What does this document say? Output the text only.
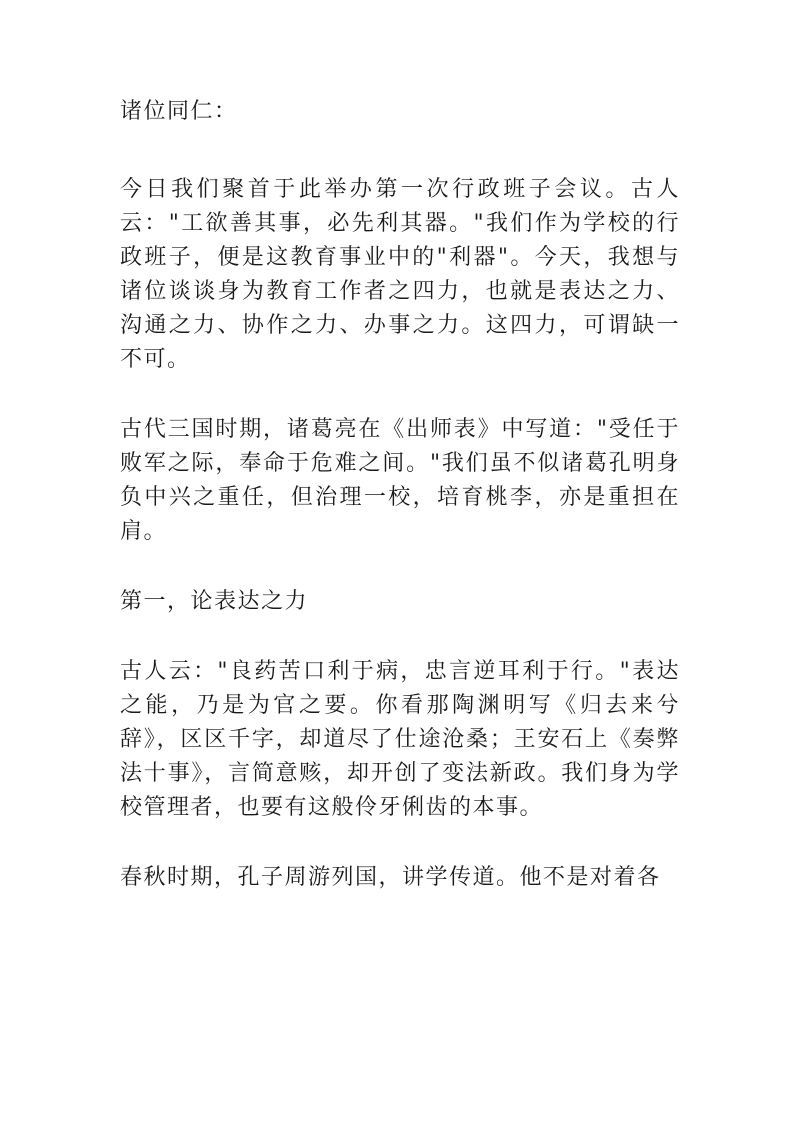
诸位同仁：

今日我们聚首于此举办第一次行政班子会议。古人云："工欲善其事，必先利其器。"我们作为学校的行政班子，便是这教育事业中的"利器"。今天，我想与诸位谈谈身为教育工作者之四力，也就是表达之力、沟通之力、协作之力、办事之力。这四力，可谓缺一不可。

古代三国时期，诸葛亮在《出师表》中写道："受任于败军之际，奉命于危难之间。"我们虽不似诸葛孔明身负中兴之重任，但治理一校，培育桃李，亦是重担在肩。

第一，论表达之力

古人云："良药苦口利于病，忠言逆耳利于行。"表达之能，乃是为官之要。你看那陶渊明写《归去来兮辞》，区区千字，却道尽了仕途沧桑；王安石上《奏弊法十事》，言简意赅，却开创了变法新政。我们身为学校管理者，也要有这般伶牙俐齿的本事。

春秋时期，孔子周游列国，讲学传道。他不是对着各
